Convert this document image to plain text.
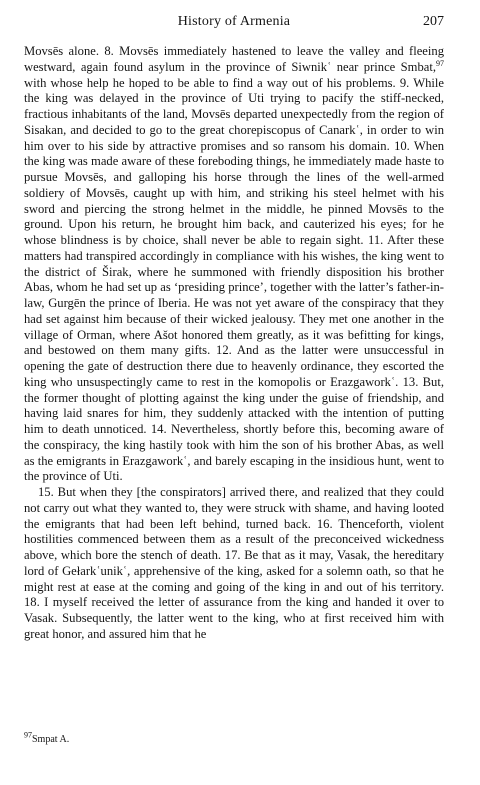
History of Armenia	207

Movsēs alone. 8. Movsēs immediately hastened to leave the valley and fleeing westward, again found asylum in the province of Siwnikʿ near prince Smbat,$^{97}$ with whose help he hoped to be able to find a way out of his problems. 9. While the king was delayed in the province of Uti trying to pacify the stiff-necked, fractious inhabitants of the land, Movsēs departed unexpectedly from the region of Sisakan, and decided to go to the great chorepiscopus of Canarkʿ, in order to win him over to his side by attractive promises and so ransom his domain. 10. When the king was made aware of these foreboding things, he immediately made haste to pursue Movsēs, and galloping his horse through the lines of the well-armed soldiery of Movsēs, caught up with him, and striking his steel helmet with his sword and piercing the strong helmet in the middle, he pinned Movsēs to the ground. Upon his return, he brought him back, and cauterized his eyes; for he whose blindness is by choice, shall never be able to regain sight. 11. After these matters had transpired accordingly in compliance with his wishes, the king went to the district of Širak, where he summoned with friendly disposition his brother Abas, whom he had set up as ‘presiding prince’, together with the latter’s father-in-law, Gurgēn the prince of Iberia. He was not yet aware of the conspiracy that they had set against him because of their wicked jealousy. They met one another in the village of Orman, where Ašot honored them greatly, as it was befitting for kings, and bestowed on them many gifts. 12. And as the latter were unsuccessful in opening the gate of destruction there due to heavenly ordinance, they escorted the king who unsuspectingly came to rest in the komopolis or Erazgaworkʿ. 13. But, the former thought of plotting against the king under the guise of friendship, and having laid snares for him, they suddenly attacked with the intention of putting him to death unnoticed. 14. Nevertheless, shortly before this, becoming aware of the conspiracy, the king hastily took with him the son of his brother Abas, as well as the emigrants in Erazgaworkʿ, and barely escaping in the insidious hunt, went to the province of Uti.

15. But when they [the conspirators] arrived there, and realized that they could not carry out what they wanted to, they were struck with shame, and having looted the emigrants that had been left behind, turned back. 16. Thenceforth, violent hostilities commenced between them as a result of the preconceived wickedness above, which bore the stench of death. 17. Be that as it may, Vasak, the hereditary lord of Gełarkʿunikʿ, apprehensive of the king, asked for a solemn oath, so that he might rest at ease at the coming and going of the king in and out of his territory. 18. I myself received the letter of assurance from the king and handed it over to Vasak. Subsequently, the latter went to the king, who at first received him with great honor, and assured him that he

$^{97}$Smpat A.
